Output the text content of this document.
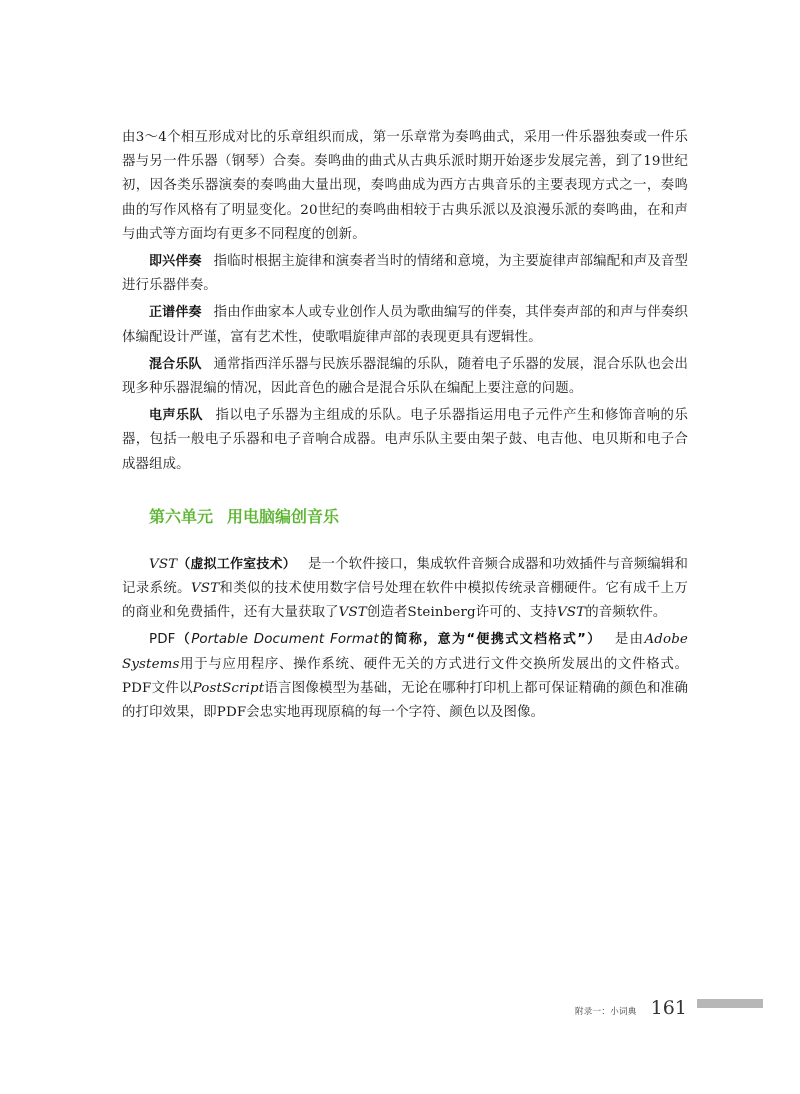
由3～4个相互形成对比的乐章组织而成，第一乐章常为奏鸣曲式，采用一件乐器独奏或一件乐器与另一件乐器（钢琴）合奏。奏鸣曲的曲式从古典乐派时期开始逐步发展完善，到了19世纪初，因各类乐器演奏的奏鸣曲大量出现，奏鸣曲成为西方古典音乐的主要表现方式之一，奏鸣曲的写作风格有了明显变化。20世纪的奏鸣曲相较于古典乐派以及浪漫乐派的奏鸣曲，在和声与曲式等方面均有更多不同程度的创新。

即兴伴奏 指临时根据主旋律和演奏者当时的情绪和意境，为主要旋律声部编配和声及音型进行乐器伴奏。

正谱伴奏 指由作曲家本人或专业创作人员为歌曲编写的伴奏，其伴奏声部的和声与伴奏织体编配设计严谨，富有艺术性，使歌唱旋律声部的表现更具有逻辑性。

混合乐队 通常指西洋乐器与民族乐器混编的乐队，随着电子乐器的发展，混合乐队也会出现多种乐器混编的情况，因此音色的融合是混合乐队在编配上要注意的问题。

电声乐队 指以电子乐器为主组成的乐队。电子乐器指运用电子元件产生和修饰音响的乐器，包括一般电子乐器和电子音响合成器。电声乐队主要由架子鼓、电吉他、电贝斯和电子合成器组成。

第六单元 用电脑编创音乐

VST（虚拟工作室技术） 是一个软件接口，集成软件音频合成器和功效插件与音频编辑和记录系统。VST和类似的技术使用数字信号处理在软件中模拟传统录音棚硬件。它有成千上万的商业和免费插件，还有大量获取了VST创造者Steinberg许可的、支持VST的音频软件。

PDF（Portable Document Format的简称，意为“便携式文档格式”） 是由Adobe Systems用于与应用程序、操作系统、硬件无关的方式进行文件交换所发展出的文件格式。PDF文件以PostScript语言图像模型为基础，无论在哪种打印机上都可保证精确的颜色和准确的打印效果，即PDF会忠实地再现原稿的每一个字符、颜色以及图像。

附录一：小词典 161
